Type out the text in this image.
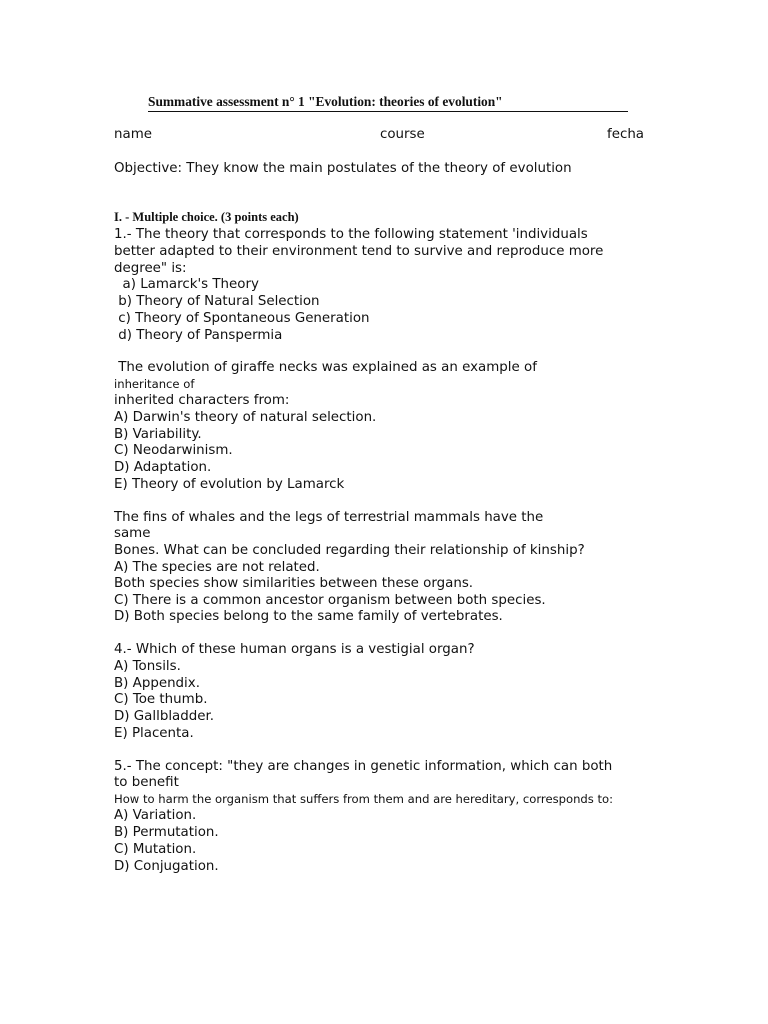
Summative assessment n° 1 "Evolution: theories of evolution"
name	course	fecha
Objective: They know the main postulates of the theory of evolution
I. - Multiple choice. (3 points each)
1.- The theory that corresponds to the following statement 'individuals
better adapted to their environment tend to survive and reproduce more
degree" is:
a) Lamarck's Theory
b) Theory of Natural Selection
c) Theory of Spontaneous Generation
d) Theory of Panspermia
The evolution of giraffe necks was explained as an example of
inheritance of
inherited characters from:
A) Darwin's theory of natural selection.
B) Variability.
C) Neodarwinism.
D) Adaptation.
E) Theory of evolution by Lamarck
The fins of whales and the legs of terrestrial mammals have the
same
Bones. What can be concluded regarding their relationship of kinship?
A) The species are not related.
Both species show similarities between these organs.
C) There is a common ancestor organism between both species.
D) Both species belong to the same family of vertebrates.
4.- Which of these human organs is a vestigial organ?
A) Tonsils.
B) Appendix.
C) Toe thumb.
D) Gallbladder.
E) Placenta.
5.- The concept: "they are changes in genetic information, which can both
to benefit
How to harm the organism that suffers from them and are hereditary, corresponds to:
A) Variation.
B) Permutation.
C) Mutation.
D) Conjugation.
